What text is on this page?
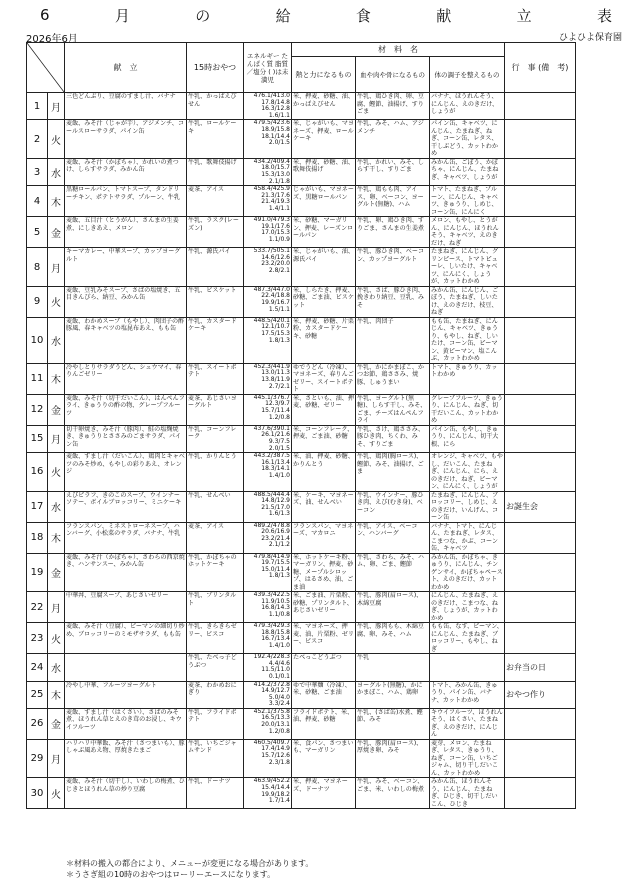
6	月	の	給	食	献	立	表
2026年6月	ひよひよ保育園
	献　立	15時おやつ	エネルギー たんぱく質 脂質／塩分 ( )は未満児	材　料　名			行　事 (備　考)
					熱と力になるもの	血や肉や骨になるもの	体の調子を整えるもの	
1	月	三色どんぶり、豆腐のすまし汁、バナナ	牛乳、かっぱえびせん	476.1/413.0
17.8/14.8
16.3/12.8
1.6/1.1	米、押麦、砂糖、油、かっぱえびせん	牛乳、鶏ひき肉、卵、豆腐、鰹節、油揚げ、すりごま	バナナ、ほうれんそう、にんじん、えのきだけ、しょうが	
2	火	麦飯、みそ汁（じゃが芋）、アジメンチ、コールスローサラダ、パイン缶	牛乳、ロールケーキ	479.5/423.6
18.9/15.8
18.1/14.4
2.0/1.5	米、じゃがいも、マヨネーズ、押麦、ロールケーキ	牛乳、みそ、ハム、アジメンチ	パイン缶、キャベツ、にんじん、たまねぎ、ねぎ、コーン缶、レタス、干しぶどう、カットわかめ	
3	水	麦飯、みそ汁（かぼちゃ）、かれいの煮つけ、しらすサラダ、みかん缶	牛乳、歌舞伎揚げ	434.2/409.4
18.0/15.7
15.3/13.0
2.1/1.8	米、押麦、砂糖、油、歌舞伎揚げ	牛乳、かれい、みそ、しらす干し、すりごま	みかん缶、ごぼう、かぼちゃ、にんじん、たまねぎ、キャベツ、しょうが	
4	木	黒糖ロールパン、トマトスープ、タンドリーチキン、ポテトサラダ、プルーン、牛乳	麦茶、アイス	458.4/425.9
21.3/17.6
21.4/19.3
1.4/1.1	じゃがいも、マヨネーズ、黒糖ロールパン	牛乳、鶏もも肉、アイス、卵、ベーコン、ヨーグルト(無糖)、ハム	トマト、たまねぎ、プルーン、にんじん、キャベツ、きゅうり、しめじ、コーン缶、にんにく	
5	金	麦飯、五目汁（とうがん）、さんまの生姜煮、にしきあえ、メロン	牛乳、ラスク(レーズン)	491.0/479.3
19.1/17.6
17.0/15.3
1.1/0.9	米、砂糖、マーガリン、押麦、レーズンロールパン	牛乳、卵、鶏ひき肉、すりごま、さんまの生姜煮	メロン、もやし、とうがん、にんじん、ほうれんそう、キャベツ、えのきだけ、ねぎ	
8	月	キーマカレー、中華スープ、カップヨーグルト	牛乳、源氏パイ	533.7/505.1
14.6/12.6
23.2/20.0
2.8/2.1	米、じゃがいも、油、源氏パイ	牛乳、豚ひき肉、ベーコン、カップヨーグルト	たまねぎ、にんじん、グリンピース、トマトピューレ、しいたけ、キャベツ、にんにく、しょうが、カットわかめ	
9	火	麦飯、豆乳みそスープ、さばの塩焼き、五目きんぴら、納豆、みかん缶	牛乳、ビスケット	487.3/447.0
22.4/18.8
19.9/16.7
1.5/1.1	米、しらたき、押麦、砂糖、ごま油、ビスケット	牛乳、さば、豚ひき肉、挽きわり納豆、豆乳、みそ	みかん缶、にんじん、ごぼう、たまねぎ、しいたけ、えのきだけ、枝豆、ねぎ	
10	水	麦飯、わかめスープ（もやし）、肉団子の酢豚風、春キャベツの塩昆布あえ、もも缶	牛乳、カスタードケーキ	448.5/420.1
12.1/10.7
17.5/15.3
1.8/1.3	米、押麦、砂糖、片栗粉、カスタードケーキ、砂糖	牛乳、肉団子	もも缶、たまねぎ、にんじん、キャベツ、きゅうり、もやし、ねぎ、しいたけ、コーン缶、ピーマン、黄ピーマン、塩こんぶ、カットわかめ	
11	木	冷やしとりサラダうどん、シュウマイ、春りんごゼリー	牛乳、スイートポテト	452.3/441.9
13.0/11.3
13.8/11.9
2.7/2.1	ゆでうどん（冷凍）、マヨネーズ、春りんごゼリー、スイートポテト	牛乳、かにかまぼこ、かつお節、鶏ささみ、焼豚、しゅうまい	トマト、きゅうり、カットわかめ	
12	金	麦飯、みそ汁（切干だいこん）、はんぺんフライ、きゅうりの酢の物、グレープフルーツ	麦茶、あじさいヨーグルト	445.1/376.7
12.3/9.7
15.7/11.4
1.2/0.8	米、さといも、油、押麦、砂糖、ゼリー	牛乳、ヨーグルト(無糖)、しらす干し、みそ、ごま、チーズはんぺんフライ	グレープフルーツ、きゅうり、にんじん、ねぎ、切干だいこん、カットわかめ	
15	月	切干卵焼き、みそ汁（豚肉）、鮭の塩麹焼き、きゅうりとささみのごまサラダ、パイン缶	牛乳、コーンフレーク	437.6/390.1
26.1/21.6
9.3/7.5
2.0/1.5	米、コーンフレーク、押麦、ごま油、砂糖	牛乳、さけ、鶏ささみ、豚ひき肉、ちくわ、みそ、すりごま	パイン缶、もやし、きゅうり、にんじん、切干大根、にら	
16	火	麦飯、すまし汁（だいこん）、鶏肉とキャベツのみそ炒め、もやしの彩りあえ、オレンジ	牛乳、かりんとう	443.2/387.5
16.1/13.4
18.3/14.1
1.4/1.0	米、油、押麦、砂糖、かりんとう	牛乳、鶏肉(胸ロース)、鰹節、みそ、油揚げ、ごま	オレンジ、キャベツ、もやし、だいこん、たまねぎ、にんじん、にら、えのきだけ、ねぎ、ピーマン、にんにく、しょうが	
17	水	えびピラフ、きのこのスープ、ウインナーソテー、ボイルブロッコリー、ミニケーキ	牛乳、せんべい	488.5/444.4
14.8/12.9
21.5/17.0
1.6/1.3	米、ケーキ、マヨネーズ、油、せんべい	牛乳、ウインナー、豚ひき肉、えび(むき身)、ベーコン	たまねぎ、にんじん、ブロッコリー、しめじ、えのきだけ、いんげん、コーン缶	お誕生会
18	木	フランスパン、ミネストローネスープ、ハンバーグ、小松菜のサラダ、バナナ、牛乳	麦茶、アイス	489.2/478.8
20.6/16.9
23.2/21.4
2.1/1.2	フランスパン、マヨネーズ、マカロニ	牛乳、アイス、ベーコン、ハンバーグ	バナナ、トマト、にんじん、たまねぎ、レタス、こまつな、かぶ、コーン缶、キャベツ	
19	金	麦飯、みそ汁（かぼちゃ）、さわらの西京焼き、ハンサンスー、みかん缶	牛乳、かぼちゃのホットケーキ	479.8/414.9
19.7/15.5
15.0/11.4
1.8/1.3	米、ホットケーキ粉、マーガリン、押麦、砂糖、メープルシロップ、はるさめ、油、ごま油	牛乳、さわら、みそ、ハム、卵、ごま、鰹節	みかん缶、かぼちゃ、きゅうり、にんじん、チンゲンサイ、かぼちゃペースト、えのきだけ、カットわかめ	
22	月	中華丼、豆腐スープ、あじさいゼリー	牛乳、プリンタルト	439.3/422.5
11.9/10.5
16.8/14.3
1.1/0.8	米、ごま油、片栗粉、砂糖、プリンタルト、あじさいゼリー	牛乳、豚肉(肩ロース)、木綿豆腐	にんじん、たまねぎ、えのきだけ、こまつな、ねぎ、しょうが、カットわかめ	
23	火	麦飯、みそ汁（豆腐）、ピーマンの細切り炒め、ブロッコリーのミモザサラダ、もも缶	牛乳、きらきらゼリー、ビスコ	479.3/429.3
18.8/15.8
16.7/13.4
1.4/1.0	米、マヨネーズ、押麦、油、片栗粉、ゼリー、ビスコ	牛乳、豚肉もも、木綿豆腐、卵、みそ、ハム	もも缶、なす、ピーマン、にんじん、たまねぎ、ブロッコリー、もやし、ねぎ	
24	水		牛乳、たべっ子どうぶつ	192.4/228.3
4.4/4.6
11.5/11.0
0.1/0.1	たべっこどうぶつ	牛乳		お弁当の日
25	木	冷やし中華、フルーツヨーグルト	麦茶、わかめおにぎり	414.2/372.8
14.9/12.7
5.0/4.0
3.3/2.4	ゆで中華麺（冷凍）、米、砂糖、ごま油	ヨーグルト(無糖)、かにかまぼこ、ハム、鶏卵	トマト、みかん缶、きゅうり、パイン缶、バナナ、カットわかめ	おやつ作り
26	金	麦飯、すまし汁（はくさい）、さばのみそ煮、ほうれん草とえのき茸のお浸し、キウイフルーツ	牛乳、フライドポテト	452.1/375.8
16.5/13.3
20.0/13.1
1.2/0.8	フライドポテト、米、油、押麦、砂糖	牛乳、(さば缶)水煮、鰹節、みそ	キウイフルーツ、ほうれんそう、はくさい、たまねぎ、えのきだけ、にんじん	
29	月	ハリハリ中華飯、みそ汁（さつまいも）、豚しゃぶ風あえ物、厚焼きたまご	牛乳、いちごジャムサンド	460.5/409.7
17.4/14.9
15.7/12.6
2.3/1.8	米、食パン、さつまいも、マーガリン	牛乳、豚肉(肩ロース)、厚焼き卵、みそ	麦芽、メロン、たまねぎ、レタス、きゅうり、ねぎ、コーン缶、いちごジャム、切り干しだいこん、カットわかめ	
30	火	麦飯、みそ汁（切干し）、いわしの梅煮、ひじきとほうれん草の炒り豆腐	牛乳、ドーナツ	463.9/452.2
15.4/14.4
19.9/18.2
1.7/1.4	米、押麦、マヨネーズ、ドーナツ	牛乳、みそ、ベーコン、ごま、米、いわしの梅煮	みかん缶、ほうれんそう、にんじん、たまねぎ、ひじき、切干しだいこん、ひじき	
＊材料の搬入の都合により、メニューが変更になる場合があります。
＊うさぎ組の10時のおやつはローリーエースになります。
